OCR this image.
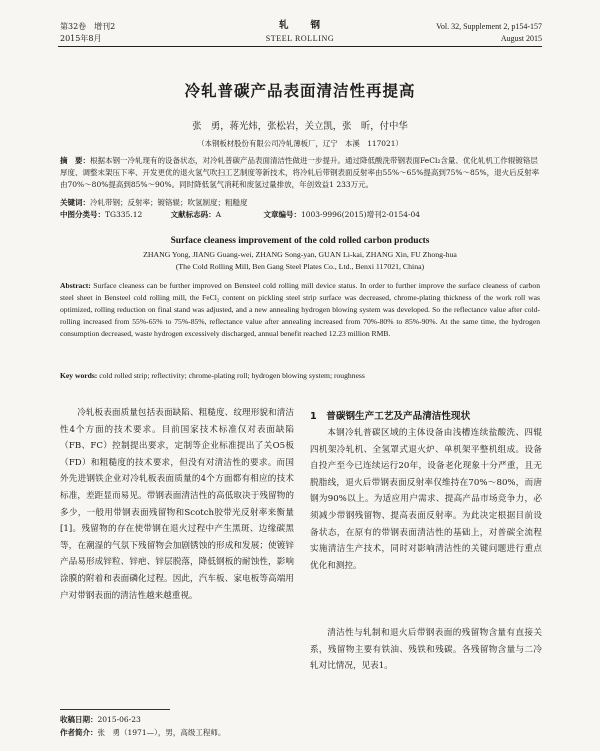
第32卷　增刊2
2015年8月
轧　　钢
STEEL ROLLING
Vol. 32, Supplement 2, p154-157
August 2015
冷轧普碳产品表面清洁性再提高
张　勇，蒋光炜，张松岩，关立凯，张　昕，付中华
（本钢板材股份有限公司冷轧薄板厂，辽宁　本溪　117021）
摘　要：根据本钢一冷轧现有的设备状态，对冷轧普碳产品表面清洁性做进一步提升。通过降低酸洗带钢表面FeCl₂含量、优化轧机工作辊镀铬层厚度、调整末架压下率、开发更优的退火氢气吹扫工艺制度等新技术，将冷轧后带钢表面反射率由55%～65%提高到75%～85%，退火后反射率由70%～80%提高到85%～90%。同时降低氢气消耗和废氢过量排放，年创效益1 233万元。
关键词：冷轧带钢；反射率；镀铬辊；吹氢制度；粗糙度
中图分类号：TG335.12	文献标志码：A	文章编号：1003-9996(2015)增刊2-0154-04
Surface cleaness improvement of the cold rolled carbon products
ZHANG Yong, JIANG Guang-wei, ZHANG Song-yan, GUAN Li-kai, ZHANG Xin, FU Zhong-hua
(The Cold Rolling Mill, Ben Gang Steel Plates Co., Ltd., Benxi 117021, China)
Abstract: Surface cleaness can be further improved on Bensteel cold rolling mill device status. In order to further improve the surface cleaness of carbon steel sheet in Bensteel cold rolling mill, the FeCl₂ content on pickling steel strip surface was decreased, chrome-plating thickness of the work roll was optimized, rolling reduction on final stand was adjusted, and a new annealing hydrogen blowing system was developed. So the reflectance value after cold-rolling increased from 55%-65% to 75%-85%, reflectance value after annealing increased from 70%-80% to 85%-90%. At the same time, the hydrogen consumption decreased, waste hydrogen excessively discharged, annual benefit reached 12.23 million RMB.
Key words: cold rolled strip; reflectivity; chrome-plating roll; hydrogen blowing system; roughness
冷轧板表面质量包括表面缺陷、粗糙度、纹理形貌和清洁性4个方面的技术要求。目前国家技术标准仅对表面缺陷（FB、FC）控制提出要求，定制等企业标准提出了关O5板（FD）和粗糙度的技术要求，但没有对清洁性的要求。而国外先进钢铁企业对冷轧板表面质量的4个方面都有相应的技术标准，差距显而易见。带钢表面清洁性的高低取决于残留物的多少，一般用带钢表面残留物和Scotch胶带光反射率来衡量[1]。残留物的存在使带钢在退火过程中产生黑斑、边缘碳黑等，在潮湿的气氛下残留物会加剧锈蚀的形成和发展；使镀锌产品易形成锌粒、锌疤、锌层脱落，降低钢板的耐蚀性，影响涂膜的附着和表面磷化过程。因此，汽车板、家电板等高端用户对带钢表面的清洁性越来越重视。
1　普碳钢生产工艺及产品清洁性现状
本钢冷轧普碳区域的主体设备由浅槽连续盐酸洗、四辊四机架冷轧机、全氢罩式退火炉、单机架平整机组成。设备自投产至今已连续运行20年，设备老化现象十分严重，且无脱脂线，退火后带钢表面反射率仅维持在70%～80%，而唐钢为90%以上。为适应用户需求、提高产品市场竞争力，必须减少带钢残留物、提高表面反射率。为此决定根据目前设备状态，在原有的带钢表面清洁性的基础上，对普碳全流程实施清洁生产技术，同时对影响清洁性的关键问题进行重点优化和测控。
清洁性与轧制和退火后带钢表面的残留物含量有直接关系，残留物主要有铁油、残铁和残碳。各残留物含量与二冷轧对比情况，见表1。
收稿日期：2015-06-23
作者简介：张　勇（1971—），男，高级工程师。
